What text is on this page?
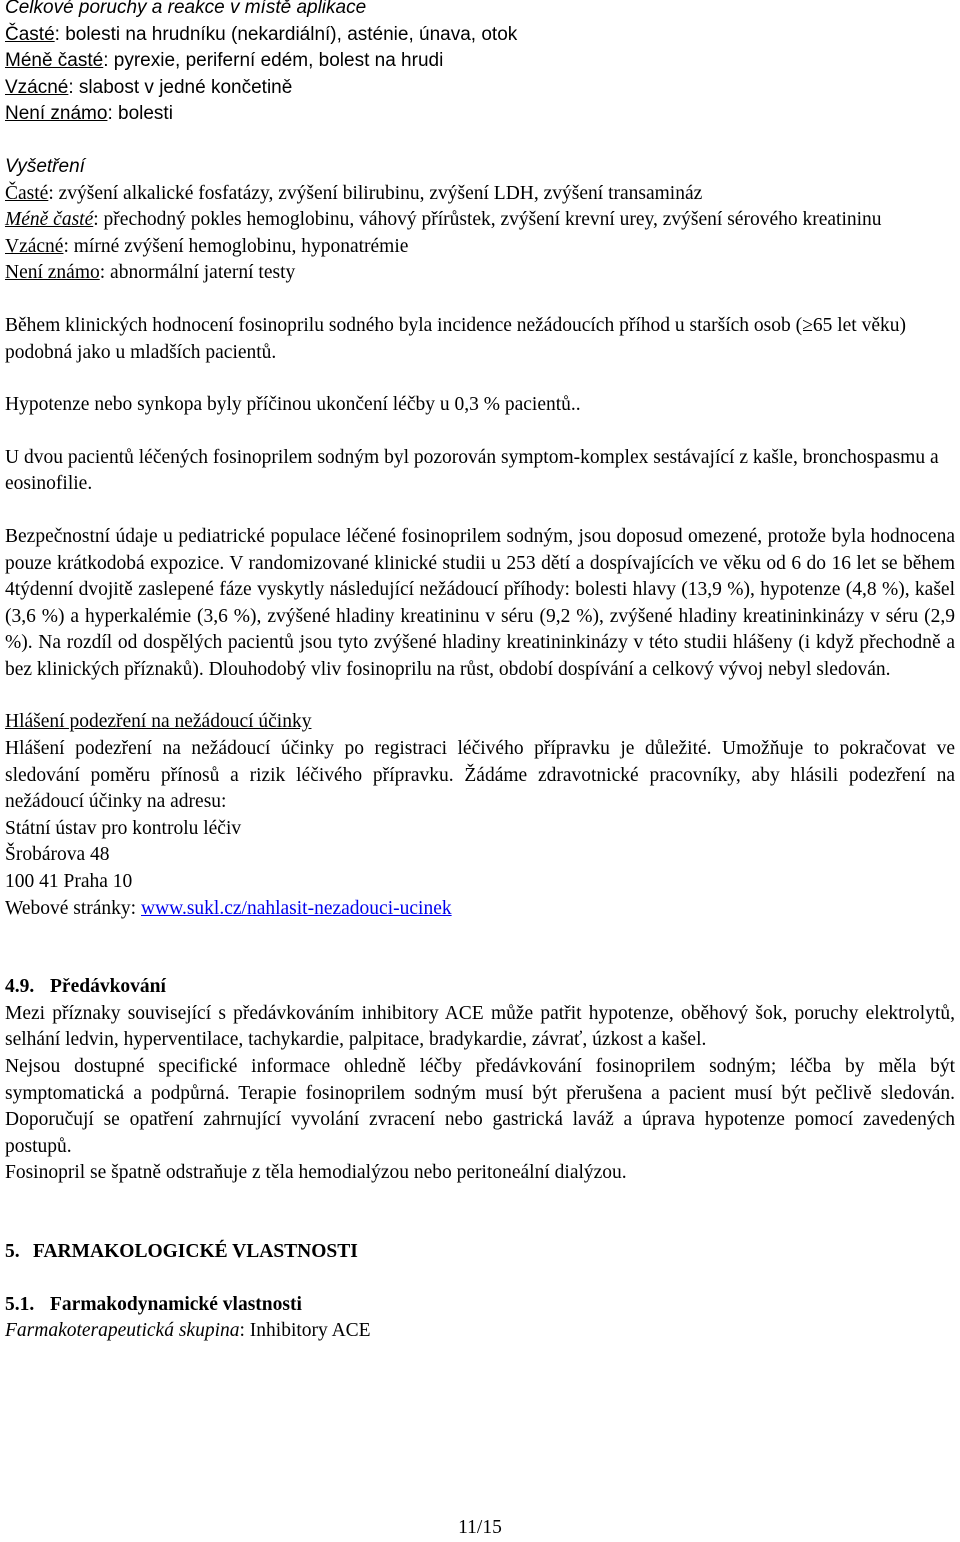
Celkové poruchy a reakce v místě aplikace

Časté: bolesti na hrudníku (nekardiální), asténie, únava, otok

Méně časté: pyrexie, periferní edém, bolest na hrudi

Vzácné: slabost v jedné končetině

Není známo: bolesti

Vyšetření

Časté: zvýšení alkalické fosfatázy, zvýšení bilirubinu, zvýšení LDH, zvýšení transamináz

Méně časté: přechodný pokles hemoglobinu, váhový přírůstek, zvýšení krevní urey, zvýšení sérového kreatininu

Vzácné: mírné zvýšení hemoglobinu, hyponatrémie

Není známo: abnormální jaterní testy

Během klinických hodnocení fosinoprilu sodného byla incidence nežádoucích příhod u starších osob (≥65 let věku) podobná jako u mladších pacientů.

Hypotenze nebo synkopa byly příčinou ukončení léčby u 0,3 % pacientů..

U dvou pacientů léčených fosinoprilem sodným byl pozorován symptom-komplex sestávající z kašle, bronchospasmu a eosinofilie.

Bezpečnostní údaje u pediatrické populace léčené fosinoprilem sodným, jsou doposud omezené, protože byla hodnocena pouze krátkodobá expozice. V randomizované klinické studii u 253 dětí a dospívajících ve věku od 6 do 16 let se během 4týdenní dvojitě zaslepené fáze vyskytly následující nežádoucí příhody: bolesti hlavy (13,9 %), hypotenze (4,8 %), kašel (3,6 %) a hyperkalémie (3,6 %), zvýšené hladiny kreatininu v séru (9,2 %), zvýšené hladiny kreatininkinázy v séru (2,9 %). Na rozdíl od dospělých pacientů jsou tyto zvýšené hladiny kreatininkinázy v této studii hlášeny (i když přechodně a bez klinických příznaků). Dlouhodobý vliv fosinoprilu na růst, období dospívání a celkový vývoj nebyl sledován.

Hlášení podezření na nežádoucí účinky

Hlášení podezření na nežádoucí účinky po registraci léčivého přípravku je důležité. Umožňuje to pokračovat ve sledování poměru přínosů a rizik léčivého přípravku. Žádáme zdravotnické pracovníky, aby hlásili podezření na nežádoucí účinky na adresu:

Státní ústav pro kontrolu léčiv

Šrobárova 48

100 41 Praha 10

Webové stránky: www.sukl.cz/nahlasit-nezadouci-ucinek

4.9. Předávkování

Mezi příznaky související s předávkováním inhibitory ACE může patřit hypotenze, oběhový šok, poruchy elektrolytů, selhání ledvin, hyperventilace, tachykardie, palpitace, bradykardie, závrať, úzkost a kašel.

Nejsou dostupné specifické informace ohledně léčby předávkování fosinoprilem sodným; léčba by měla být symptomatická a podpůrná. Terapie fosinoprilem sodným musí být přerušena a pacient musí být pečlivě sledován. Doporučují se opatření zahrnující vyvolání zvracení nebo gastrická laváž a úprava hypotenze pomocí zavedených postupů.

Fosinopril se špatně odstraňuje z těla hemodialýzou nebo peritoneální dialýzou.

5. FARMAKOLOGICKÉ VLASTNOSTI

5.1. Farmakodynamické vlastnosti

Farmakoterapeutická skupina: Inhibitory ACE

11/15
